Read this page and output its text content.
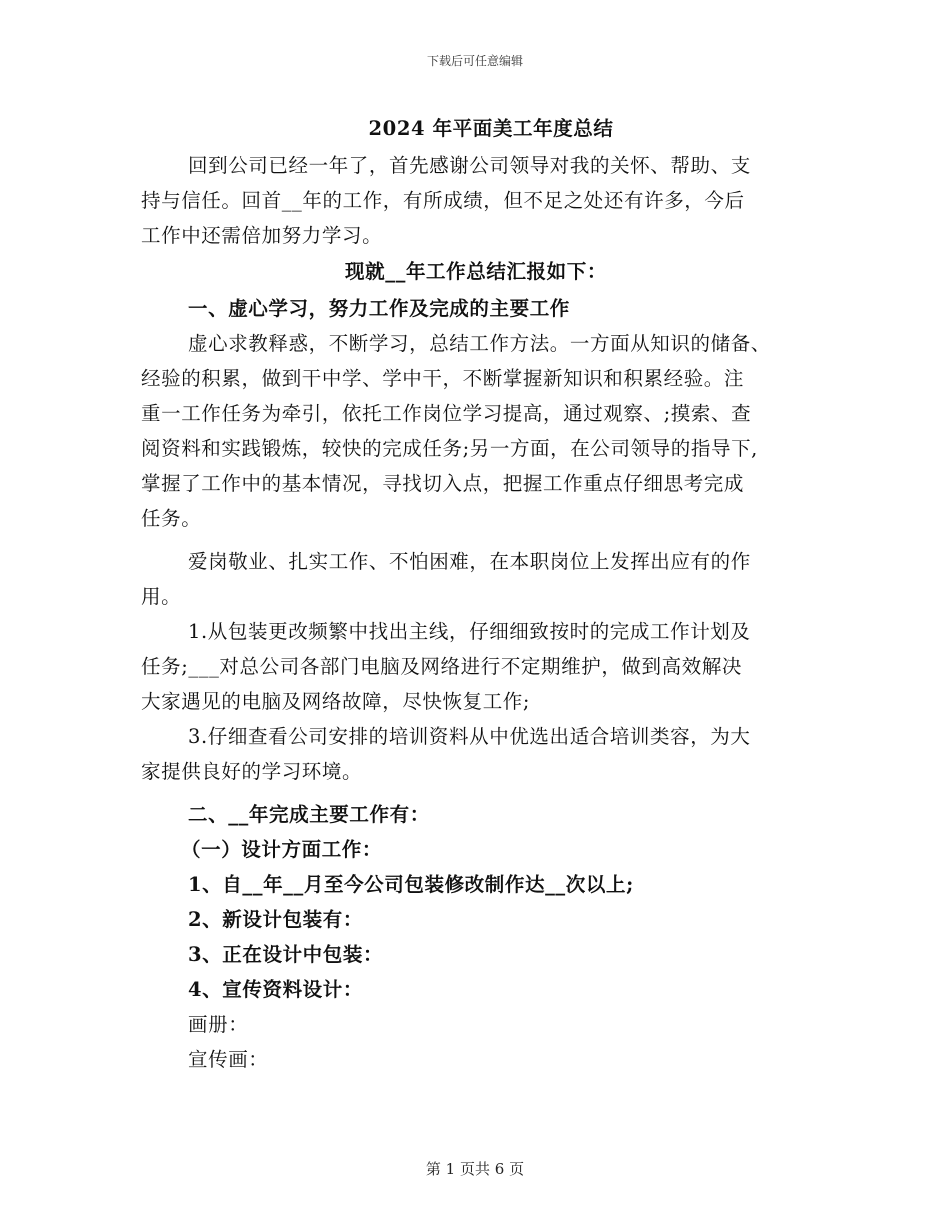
下载后可任意编辑
2024 年平面美工年度总结
回到公司已经一年了，首先感谢公司领导对我的关怀、帮助、支
持与信任。回首__年的工作，有所成绩，但不足之处还有许多，今后
工作中还需倍加努力学习。
现就__年工作总结汇报如下：
一、虚心学习，努力工作及完成的主要工作
虚心求教释惑，不断学习，总结工作方法。一方面从知识的储备、
经验的积累，做到干中学、学中干，不断掌握新知识和积累经验。注
重一工作任务为牵引，依托工作岗位学习提高，通过观察、;摸索、查
阅资料和实践锻炼，较快的完成任务;另一方面，在公司领导的指导下,
掌握了工作中的基本情况，寻找切入点，把握工作重点仔细思考完成
任务。
爱岗敬业、扎实工作、不怕困难，在本职岗位上发挥出应有的作
用。
1.从包装更改频繁中找出主线，仔细细致按时的完成工作计划及
任务;___对总公司各部门电脑及网络进行不定期维护，做到高效解决
大家遇见的电脑及网络故障，尽快恢复工作;
3.仔细查看公司安排的培训资料从中优选出适合培训类容，为大
家提供良好的学习环境。
二、__年完成主要工作有：
（一）设计方面工作：
1、自__年__月至今公司包装修改制作达__次以上;
2、新设计包装有：
3、正在设计中包装：
4、宣传资料设计：
画册：
宣传画：
第 1 页共 6 页
